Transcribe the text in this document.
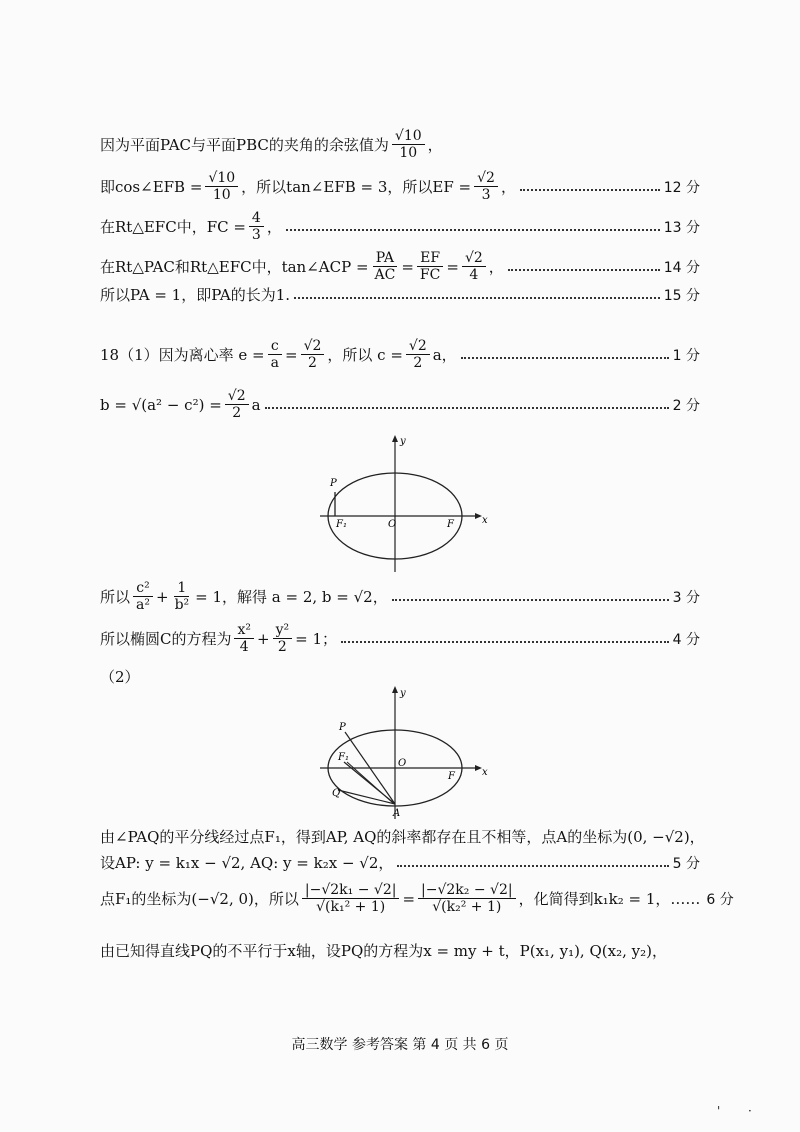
因为平面PAC与平面PBC的夹角的余弦值为 $\frac{√10}{10}$ ，
即cos∠EFB = $\frac{√10}{10}$ ，所以tan∠EFB = 3，所以EF = $\frac{√2}{3}$ ，	12 分
在Rt△EFC中，FC = $\frac{4}{3}$ ，	13 分
在Rt△PAC和Rt△EFC中，tan∠ACP = $\frac{PA}{AC} = \frac{EF}{FC} = \frac{√2}{4}$ ，	14 分
所以PA = 1，即PA的长为1.	15 分
18（1）因为离心率 $e = \frac{c}{a} = \frac{√2}{2}$ ，所以 $c = \frac{√2}{2}$ a，	1 分
$b = √(a^2 - c^2) = \frac{√2}{2}$ a	2 分
y
x
P
F₁	O	F
所以 $\frac{\text{c²}}{\text{a²}} + \frac{1}{\text{b²}} = 1$，解得 a = 2, b = √2，	3 分
所以椭圆C的方程为 $\frac{\text{x²}}{4} + \frac{\text{y²}}{2} = 1$；	4 分
（2）
y
x
P
F₁
O
F
Q
A
由∠PAQ的平分线经过点F₁，得到AP, AQ的斜率都存在且不相等，点A的坐标为(0, −√2)，
设AP: y = k₁x − √2, AQ: y = k₂x − √2，	5 分
点F₁的坐标为(−√2, 0)，所以 $\frac{\text{|−√2k₁ − √2|}}{\text{√(k₁² + 1)}} = \frac{\text{|−√2k₂ − √2|}}{\text{√(k₂² + 1)}}$ ，化简得到k₁k₂ = 1，…… 6 分
由已知得直线PQ的不平行于x轴，设PQ的方程为x = my + t，P(x₁, y₁), Q(x₂, y₂)，
高三数学 参考答案 第 4 页 共 6 页
' ·
